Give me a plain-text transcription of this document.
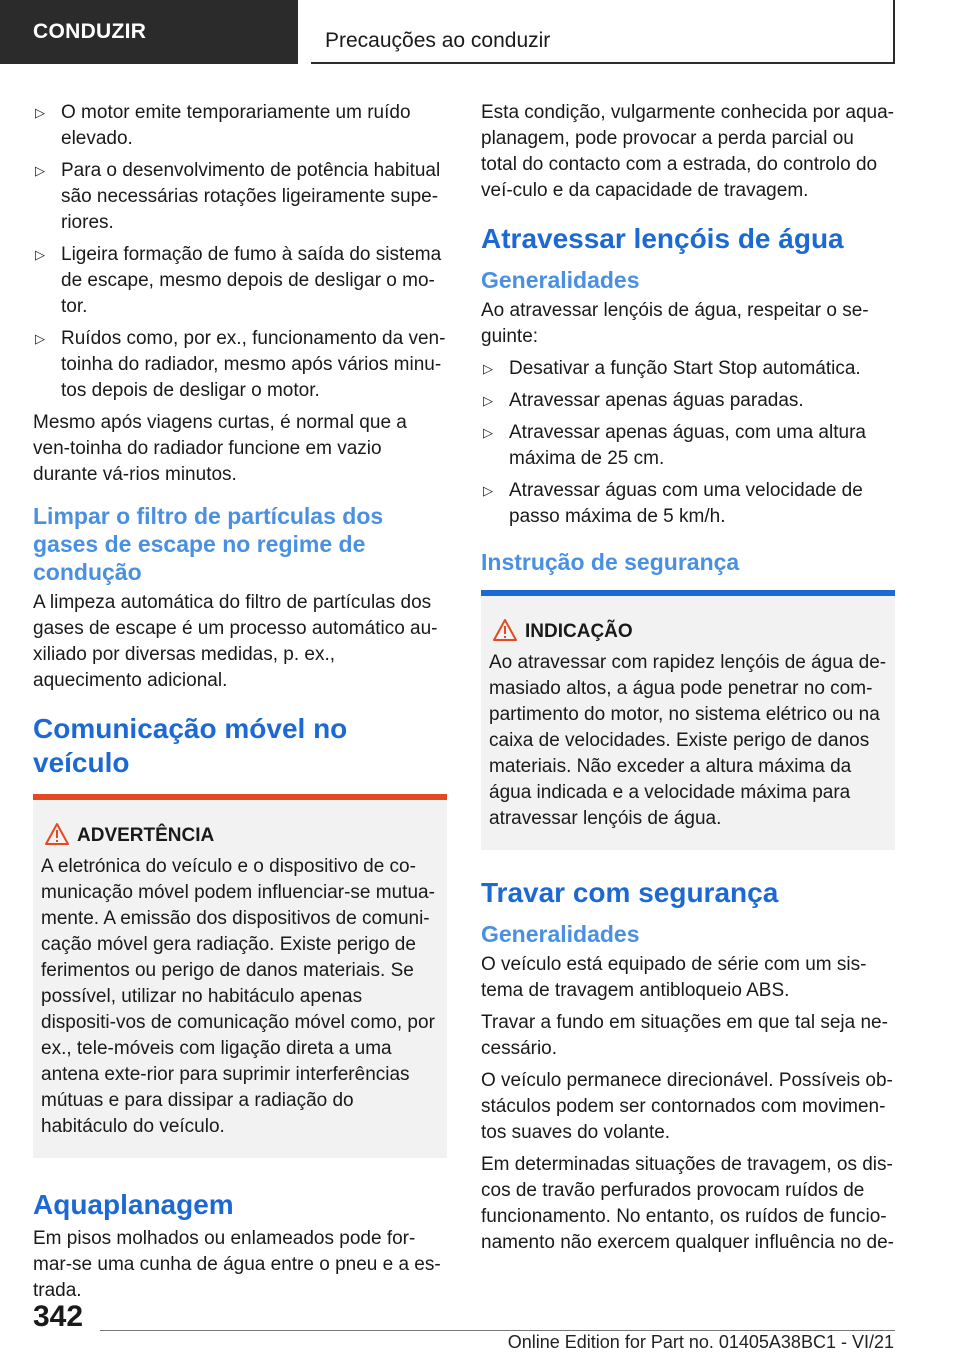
CONDUZIR	Precauções ao conduzir
▷ O motor emite temporariamente um ruído elevado.
▷ Para o desenvolvimento de potência habitual são necessárias rotações ligeiramente supe-riores.
▷ Ligeira formação de fumo à saída do sistema de escape, mesmo depois de desligar o mo-tor.
▷ Ruídos como, por ex., funcionamento da ven-toinha do radiador, mesmo após vários minu-tos depois de desligar o motor.

Mesmo após viagens curtas, é normal que a ven-toinha do radiador funcione em vazio durante vá-rios minutos.

Limpar o filtro de partículas dos gases de escape no regime de condução

A limpeza automática do filtro de partículas dos gases de escape é um processo automático au-xiliado por diversas medidas, p. ex., aquecimento adicional.

Comunicação móvel no veículo
ADVERTÊNCIA

A eletrónica do veículo e o dispositivo de co-municação móvel podem influenciar-se mutua-mente. A emissão dos dispositivos de comuni-cação móvel gera radiação. Existe perigo de ferimentos ou perigo de danos materiais. Se possível, utilizar no habitáculo apenas dispositi-vos de comunicação móvel como, por ex., tele-móveis com ligação direta a uma antena exte-rior para suprimir interferências mútuas e para dissipar a radiação do habitáculo do veículo.

Aquaplanagem

Em pisos molhados ou enlameados pode for-mar-se uma cunha de água entre o pneu e a es-trada.

Esta condição, vulgarmente conhecida por aqua-planagem, pode provocar a perda parcial ou total do contacto com a estrada, do controlo do veí-culo e da capacidade de travagem.

Atravessar lençóis de água
Generalidades

Ao atravessar lençóis de água, respeitar o se-guinte:

▷ Desativar a função Start Stop automática.
▷ Atravessar apenas águas paradas.
▷ Atravessar apenas águas, com uma altura máxima de 25 cm.
▷ Atravessar águas com uma velocidade de passo máxima de 5 km/h.
Instrução de segurança
INDICAÇÃO

Ao atravessar com rapidez lençóis de água de-masiado altos, a água pode penetrar no com-partimento do motor, no sistema elétrico ou na caixa de velocidades. Existe perigo de danos materiais. Não exceder a altura máxima da água indicada e a velocidade máxima para atravessar lençóis de água.

Travar com segurança
Generalidades

O veículo está equipado de série com um sis-tema de travagem antibloqueio ABS.

Travar a fundo em situações em que tal seja ne-cessário.

O veículo permanece direcionável. Possíveis ob-stáculos podem ser contornados com movimen-tos suaves do volante.

Em determinadas situações de travagem, os dis-cos de travão perfurados provocam ruídos de funcionamento. No entanto, os ruídos de funcio-namento não exercem qualquer influência no de-

342
Online Edition for Part no. 01405A38BC1 - VI/21
